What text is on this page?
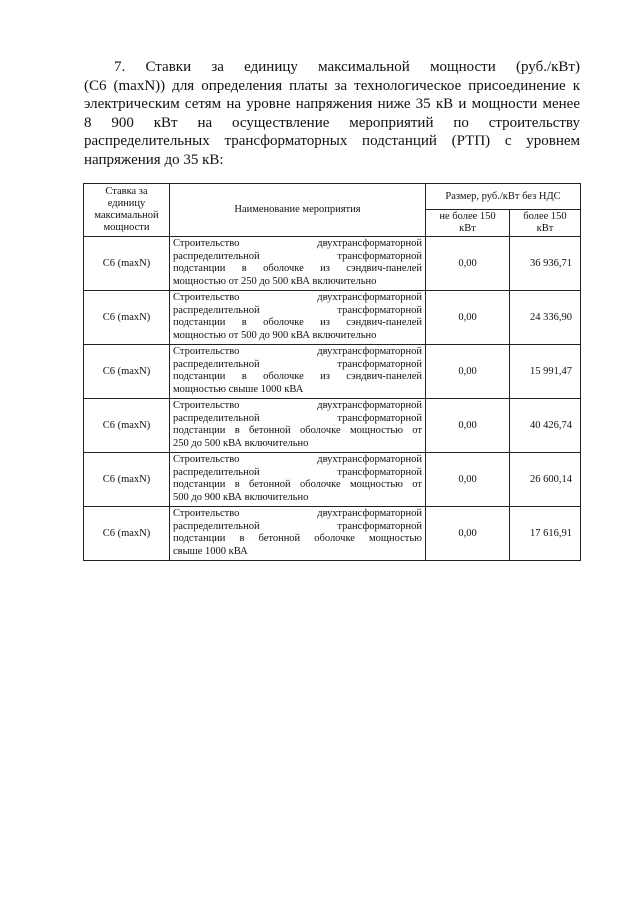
7. Ставки за единицу максимальной мощности (руб./кВт)
(C6 (maxN)) для определения платы за технологическое присоединение к
электрическим сетям на уровне напряжения ниже 35 кВ и мощности менее
8 900 кВт на осуществление мероприятий по строительству
распределительных трансформаторных подстанций (РТП) с уровнем
напряжения до 35 кВ:
Ставка за единицу максимальной мощности	Наименование мероприятия	Размер, руб./кВт без НДС	
		не более 150 кВт	более 150 кВт
C6 (maxN)	Строительство двухтрансформаторной
распределительной трансформаторной
подстанции в оболочке из сэндвич-панелей
мощностью от 250 до 500 кВА включительно	0,00	36 936,71
C6 (maxN)	Строительство двухтрансформаторной
распределительной трансформаторной
подстанции в оболочке из сэндвич-панелей
мощностью от 500 до 900 кВА включительно	0,00	24 336,90
C6 (maxN)	Строительство двухтрансформаторной
распределительной трансформаторной
подстанции в оболочке из сэндвич-панелей
мощностью свыше 1000 кВА	0,00	15 991,47
C6 (maxN)	Строительство двухтрансформаторной
распределительной трансформаторной
подстанции в бетонной оболочке мощностью от
250 до 500 кВА включительно	0,00	40 426,74
C6 (maxN)	Строительство двухтрансформаторной
распределительной трансформаторной
подстанции в бетонной оболочке мощностью от
500 до 900 кВА включительно	0,00	26 600,14
C6 (maxN)	Строительство двухтрансформаторной
распределительной трансформаторной
подстанции в бетонной оболочке мощностью
свыше 1000 кВА	0,00	17 616,91
